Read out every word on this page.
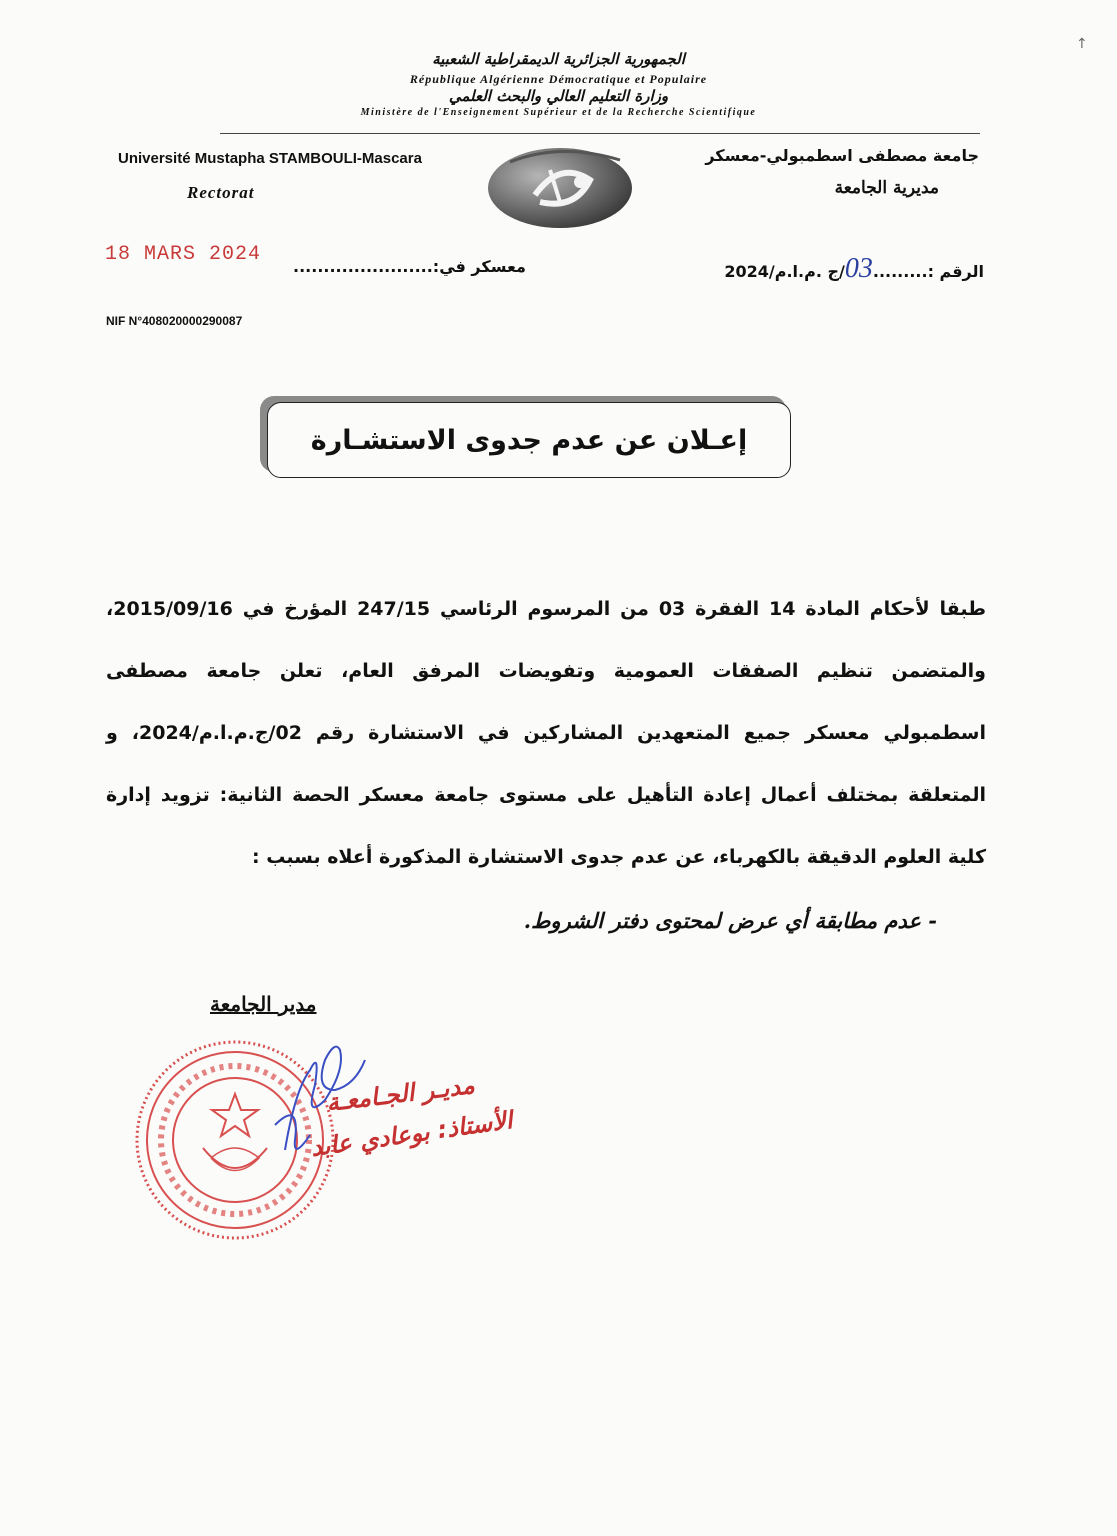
↑
الجمهورية الجزائرية الديمقراطية الشعبية
République Algérienne Démocratique et Populaire
وزارة التعليم العالي والبحث العلمي
Ministère de l'Enseignement Supérieur et de la Recherche Scientifique
Université Mustapha STAMBOULI-Mascara
Rectorat
جامعة مصطفى اسطمبولي-معسكر
مديرية الجامعة
الرقم :.........03/ج .م.ا.م/2024
معسكر في:.......................
18 MARS 2024
NIF N°408020000290087
إعـلان عن عدم جدوى الاستشـارة
طبقا لأحكام المادة 14 الفقرة 03 من المرسوم الرئاسي 247/15 المؤرخ في 2015/09/16، والمتضمن تنظيم الصفقات العمومية وتفويضات المرفق العام، تعلن جامعة مصطفى اسطمبولي معسكر جميع المتعهدين المشاركين في الاستشارة رقم 02/ج.م.ا.م/2024، و المتعلقة بمختلف أعمال إعادة التأهيل على مستوى جامعة معسكر الحصة الثانية: تزويد إدارة كلية العلوم الدقيقة بالكهرباء، عن عدم جدوى الاستشارة المذكورة أعلاه بسبب :
- عدم مطابقة أي عرض لمحتوى دفتر الشروط.
مدير الجامعة
مديـر الجـامعـة
الأستاذ: بوعادي عابد
